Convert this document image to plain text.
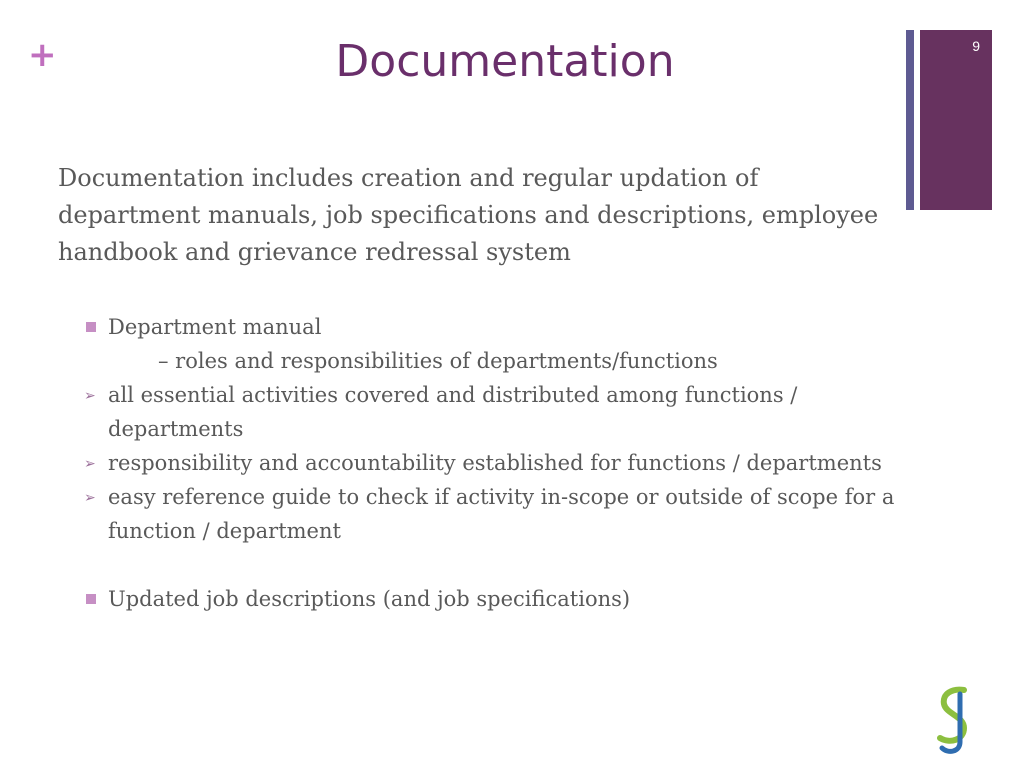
+	Documentation	9

Documentation includes creation and regular updation of department manuals, job specifications and descriptions, employee handbook and grievance redressal system

Department manual
– roles and responsibilities of departments/functions
➢ all essential activities covered and distributed among functions / departments
➢ responsibility and accountability established for functions / departments
➢ easy reference guide to check if activity in-scope or outside of scope for a function / department
Updated job descriptions (and job specifications)
